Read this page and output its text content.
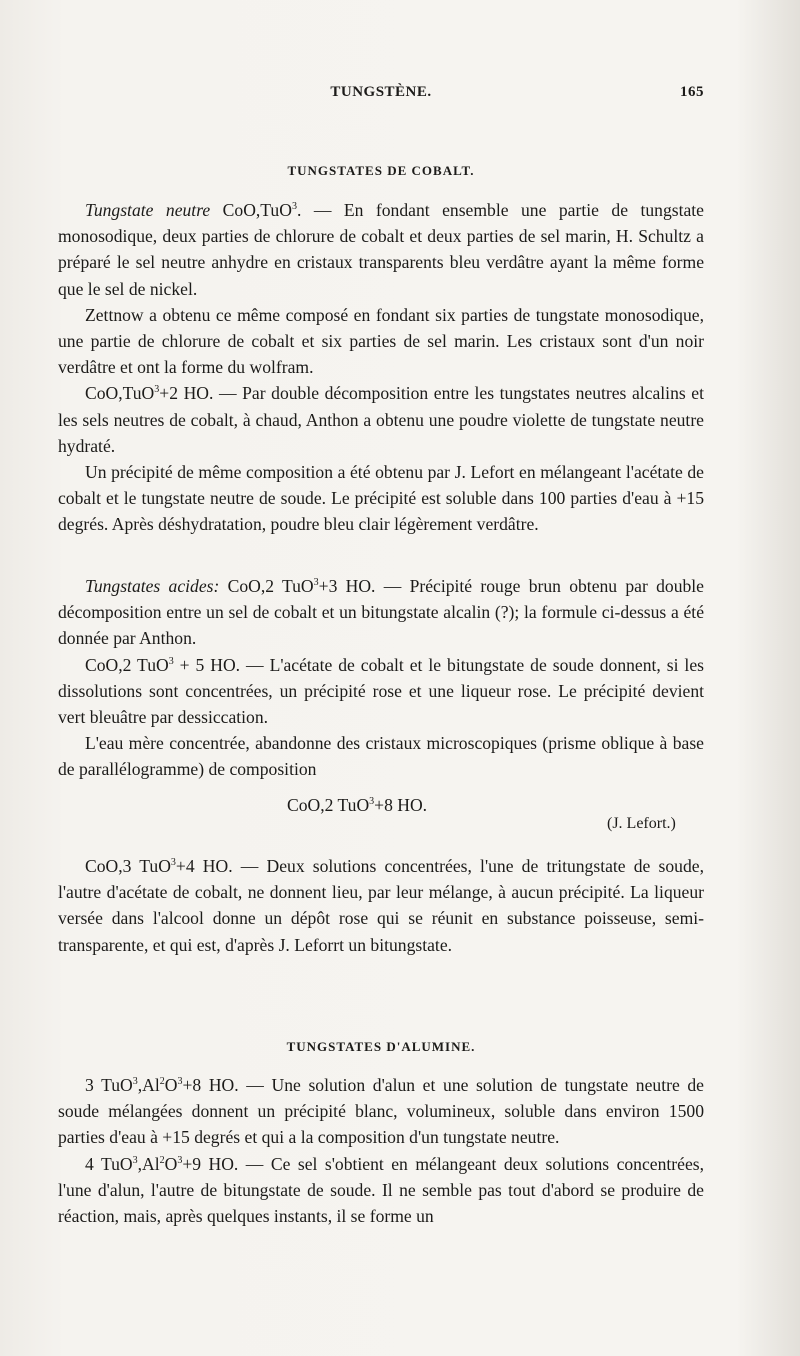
TUNGSTÈNE.	165
TUNGSTATES DE COBALT.

Tungstate neutre CoO,TuO$^3$. — En fondant ensemble une partie de tungstate monosodique, deux parties de chlorure de cobalt et deux parties de sel marin, H. Schultz a préparé le sel neutre anhydre en cristaux transparents bleu verdâtre ayant la même forme que le sel de nickel.

Zettnow a obtenu ce même composé en fondant six parties de tungstate monosodique, une partie de chlorure de cobalt et six parties de sel marin. Les cristaux sont d'un noir verdâtre et ont la forme du wolfram.

CoO,TuO$^3$+2 HO. — Par double décomposition entre les tungstates neutres alcalins et les sels neutres de cobalt, à chaud, Anthon a obtenu une poudre violette de tungstate neutre hydraté.

Un précipité de même composition a été obtenu par J. Lefort en mélangeant l'acétate de cobalt et le tungstate neutre de soude. Le précipité est soluble dans 100 parties d'eau à +15 degrés. Après déshydratation, poudre bleu clair légèrement verdâtre.

Tungstates acides: CoO,2 TuO$^3$+3 HO. — Précipité rouge brun obtenu par double décomposition entre un sel de cobalt et un bitungstate alcalin (?); la formule ci-dessus a été donnée par Anthon.

CoO,2 TuO$^3$ + 5 HO. — L'acétate de cobalt et le bitungstate de soude donnent, si les dissolutions sont concentrées, un précipité rose et une liqueur rose. Le précipité devient vert bleuâtre par dessiccation.

L'eau mère concentrée, abandonne des cristaux microscopiques (prisme oblique à base de parallélogramme) de composition

CoO,2 TuO$^3$+8 HO.
(J. Lefort.)

CoO,3 TuO$^3$+4 HO. — Deux solutions concentrées, l'une de tritungstate de soude, l'autre d'acétate de cobalt, ne donnent lieu, par leur mélange, à aucun précipité. La liqueur versée dans l'alcool donne un dépôt rose qui se réunit en substance poisseuse, semi-transparente, et qui est, d'après J. Leforrt un bitungstate.

TUNGSTATES D'ALUMINE.

3 $TuO^3,Al^2O^3+8$ HO. — Une solution d'alun et une solution de tungstate neutre de soude mélangées donnent un précipité blanc, volumineux, soluble dans environ 1500 parties d'eau à +15 degrés et qui a la composition d'un tungstate neutre.

4 $TuO^3,Al^2O^3+9$ HO. — Ce sel s'obtient en mélangeant deux solutions concentrées, l'une d'alun, l'autre de bitungstate de soude. Il ne semble pas tout d'abord se produire de réaction, mais, après quelques instants, il se forme un
